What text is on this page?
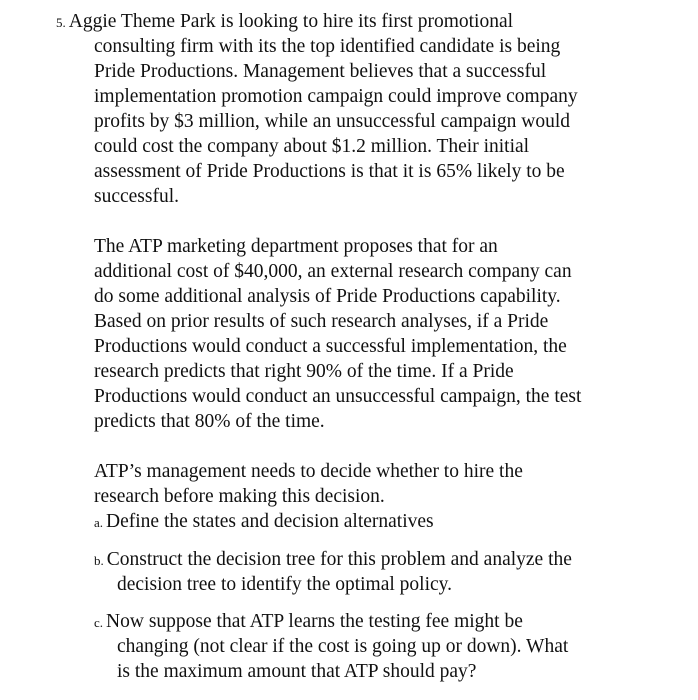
5. Aggie Theme Park is looking to hire its first promotional
consulting firm with its the top identified candidate is being
Pride Productions. Management believes that a successful
implementation promotion campaign could improve company
profits by $3 million, while an unsuccessful campaign would
could cost the company about $1.2 million. Their initial
assessment of Pride Productions is that it is 65% likely to be
successful.
The ATP marketing department proposes that for an
additional cost of $40,000, an external research company can
do some additional analysis of Pride Productions capability.
Based on prior results of such research analyses, if a Pride
Productions would conduct a successful implementation, the
research predicts that right 90% of the time. If a Pride
Productions would conduct an unsuccessful campaign, the test
predicts that 80% of the time.
ATP’s management needs to decide whether to hire the
research before making this decision.
a. Define the states and decision alternatives
b. Construct the decision tree for this problem and analyze the
decision tree to identify the optimal policy.
c. Now suppose that ATP learns the testing fee might be
changing (not clear if the cost is going up or down). What
is the maximum amount that ATP should pay?
